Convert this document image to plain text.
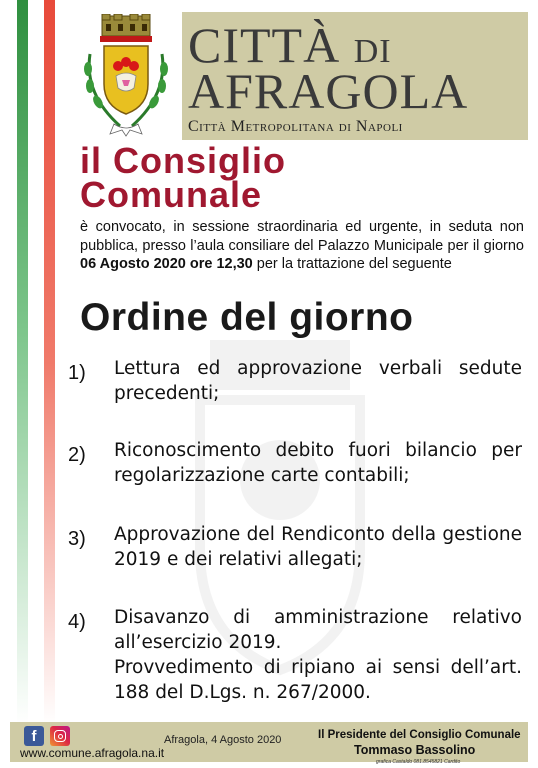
CITTÀ DI
AFRAGOLA
Città Metropolitana di Napoli
il Consiglio
Comunale

è convocato, in sessione straordinaria ed urgente, in seduta non pubblica, presso l’aula consiliare del Palazzo Municipale per il giorno 06 Agosto 2020 ore 12,30 per la trattazione del seguente

Ordine del giorno
1) Lettura ed approvazione verbali sedute precedenti;
2) Riconoscimento debito fuori bilancio per regolarizzazione carte contabili;
3) Approvazione del Rendiconto della gestione 2019 e dei relativi allegati;
4) Disavanzo di amministrazione relativo all’esercizio 2019.
Provvedimento di ripiano ai sensi dell’art. 188 del D.Lgs. n. 267/2000.
f
www.comune.afragola.na.it
Afragola, 4 Agosto 2020	Il Presidente del Consiglio Comunale
Tommaso Bassolino
grafica Castaldo 081.8545821 Cardito
